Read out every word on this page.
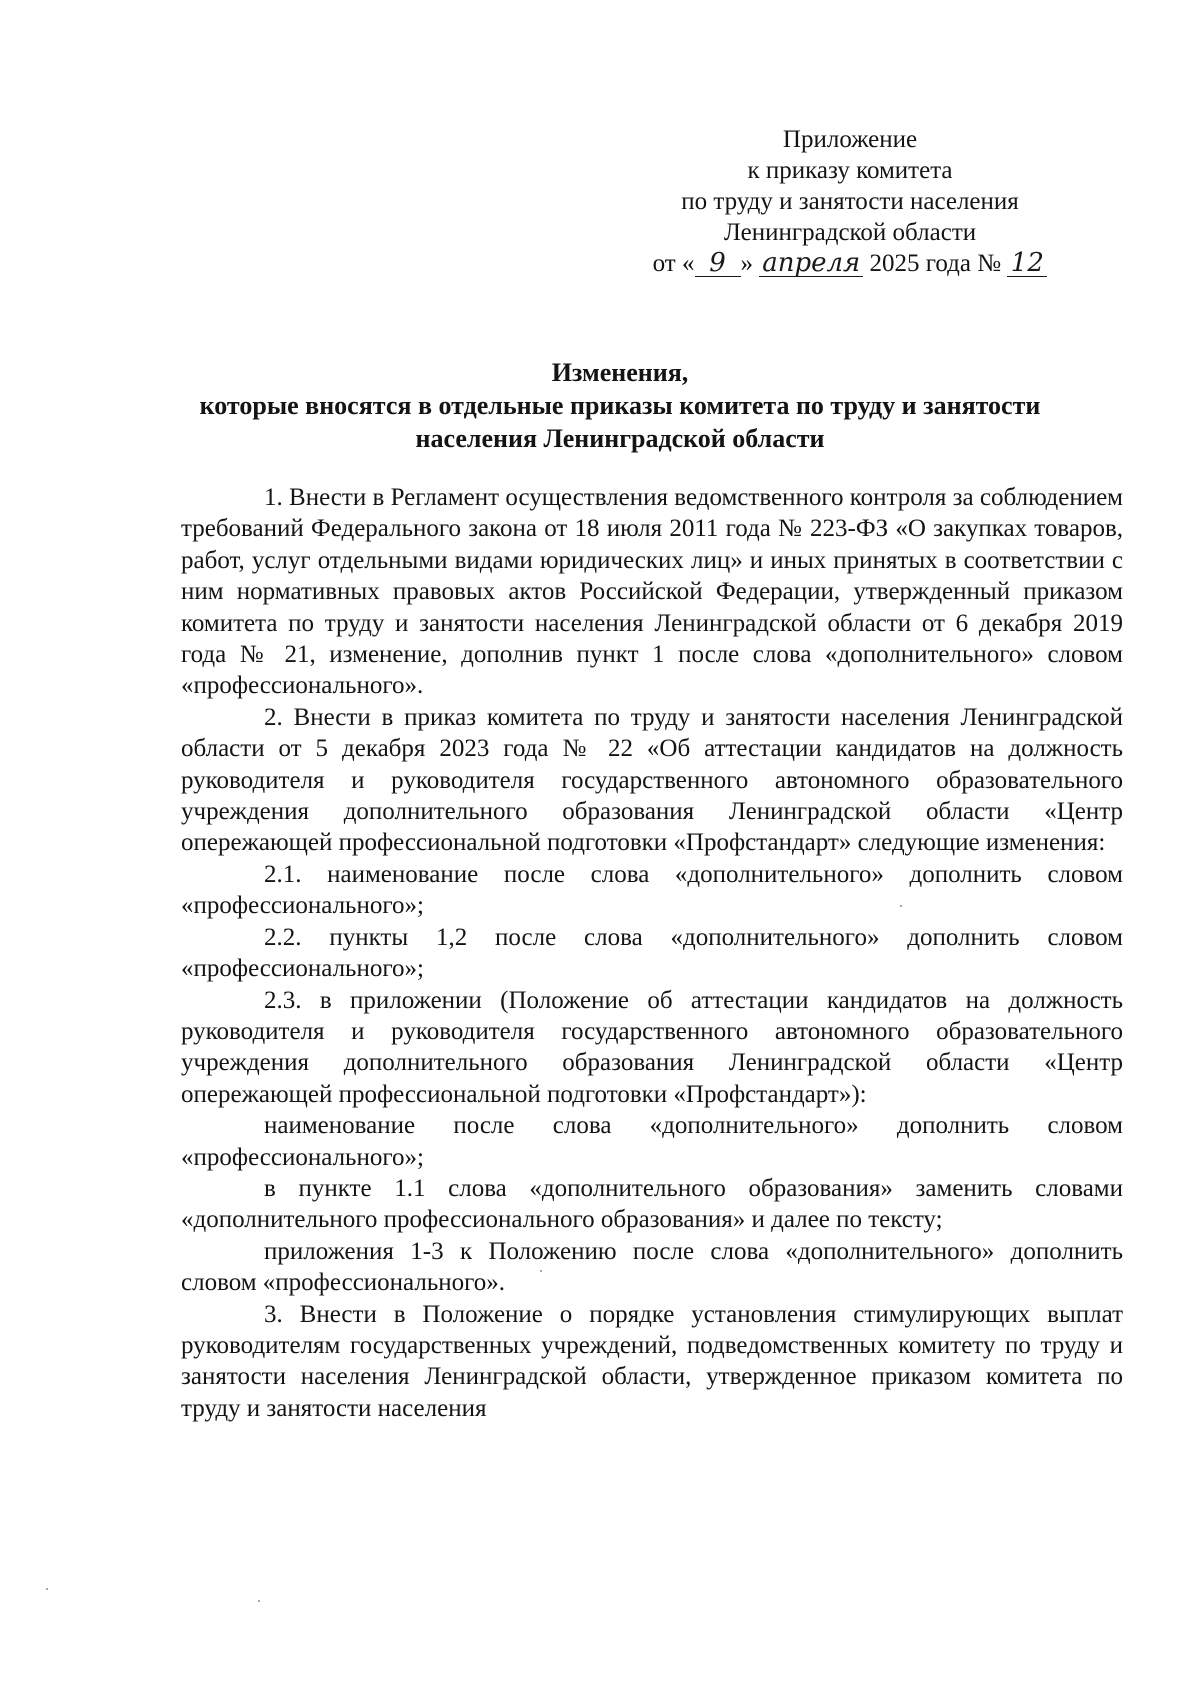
Приложение
к приказу комитета
по труду и занятости населения
Ленинградской области
от « 9 » апреля 2025 года № 12
Изменения,
которые вносятся в отдельные приказы комитета по труду и занятости
населения Ленинградской области

1. Внести в Регламент осуществления ведомственного контроля за соблюдением требований Федерального закона от 18 июля 2011 года № 223-ФЗ «О закупках товаров, работ, услуг отдельными видами юридических лиц» и иных принятых в соответствии с ним нормативных правовых актов Российской Федерации, утвержденный приказом комитета по труду и занятости населения Ленинградской области от 6 декабря 2019 года № 21, изменение, дополнив пункт 1 после слова «дополнительного» словом «профессионального».

2. Внести в приказ комитета по труду и занятости населения Ленинградской области от 5 декабря 2023 года № 22 «Об аттестации кандидатов на должность руководителя и руководителя государственного автономного образовательного учреждения дополнительного образования Ленинградской области «Центр опережающей профессиональной подготовки «Профстандарт» следующие изменения:

2.1. наименование после слова «дополнительного» дополнить словом «профессионального»;

2.2. пункты 1,2 после слова «дополнительного» дополнить словом «профессионального»;

2.3. в приложении (Положение об аттестации кандидатов на должность руководителя и руководителя государственного автономного образовательного учреждения дополнительного образования Ленинградской области «Центр опережающей профессиональной подготовки «Профстандарт»):

наименование после слова «дополнительного» дополнить словом «профессионального»;

в пункте 1.1 слова «дополнительного образования» заменить словами «дополнительного профессионального образования» и далее по тексту;

приложения 1-3 к Положению после слова «дополнительного» дополнить словом «профессионального».

3. Внести в Положение о порядке установления стимулирующих выплат руководителям государственных учреждений, подведомственных комитету по труду и занятости населения Ленинградской области, утвержденное приказом комитета по труду и занятости населения
